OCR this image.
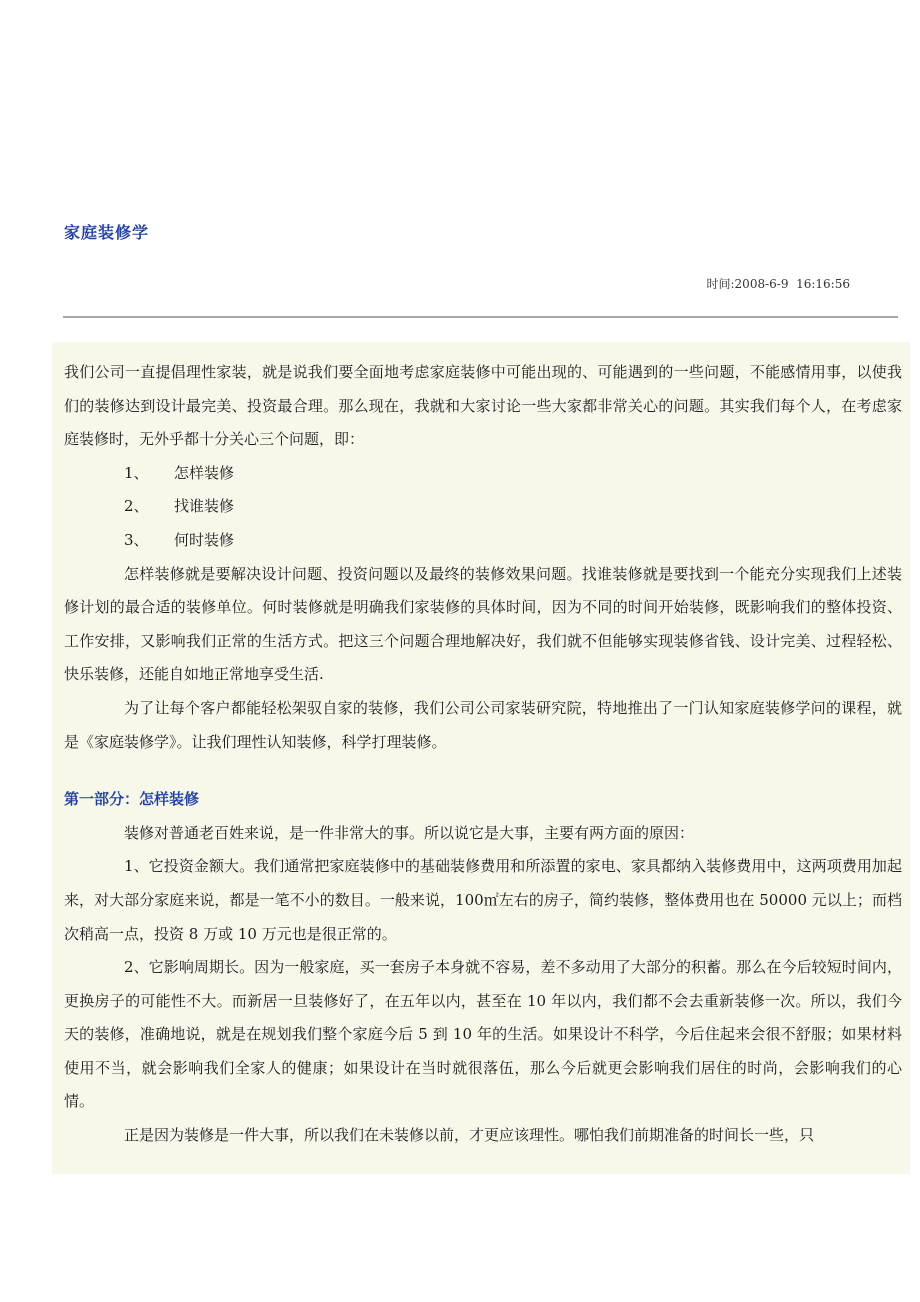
家庭装修学
时间:2008-6-9  16:16:56

我们公司一直提倡理性家装，就是说我们要全面地考虑家庭装修中可能出现的、可能遇到的一些问题，不能感情用事，以使我们的装修达到设计最完美、投资最合理。那么现在，我就和大家讨论一些大家都非常关心的问题。其实我们每个人，在考虑家庭装修时，无外乎都十分关心三个问题，即：

1、 怎样装修

2、 找谁装修

3、 何时装修

怎样装修就是要解决设计问题、投资问题以及最终的装修效果问题。找谁装修就是要找到一个能充分实现我们上述装修计划的最合适的装修单位。何时装修就是明确我们家装修的具体时间，因为不同的时间开始装修，既影响我们的整体投资、工作安排，又影响我们正常的生活方式。把这三个问题合理地解决好，我们就不但能够实现装修省钱、设计完美、过程轻松、快乐装修，还能自如地正常地享受生活.

为了让每个客户都能轻松架驭自家的装修，我们公司公司家装研究院，特地推出了一门认知家庭装修学问的课程，就是《家庭装修学》。让我们理性认知装修，科学打理装修。

第一部分：怎样装修

装修对普通老百姓来说，是一件非常大的事。所以说它是大事，主要有两方面的原因：

1、它投资金额大。我们通常把家庭装修中的基础装修费用和所添置的家电、家具都纳入装修费用中，这两项费用加起来，对大部分家庭来说，都是一笔不小的数目。一般来说，100㎡左右的房子，简约装修，整体费用也在 50000 元以上；而档次稍高一点，投资 8 万或 10 万元也是很正常的。

2、它影响周期长。因为一般家庭，买一套房子本身就不容易，差不多动用了大部分的积蓄。那么在今后较短时间内，更换房子的可能性不大。而新居一旦装修好了，在五年以内，甚至在 10 年以内，我们都不会去重新装修一次。所以，我们今天的装修，准确地说，就是在规划我们整个家庭今后 5 到 10 年的生活。如果设计不科学，今后住起来会很不舒服；如果材料使用不当，就会影响我们全家人的健康；如果设计在当时就很落伍，那么今后就更会影响我们居住的时尚，会影响我们的心情。

正是因为装修是一件大事，所以我们在未装修以前，才更应该理性。哪怕我们前期准备的时间长一些，只
